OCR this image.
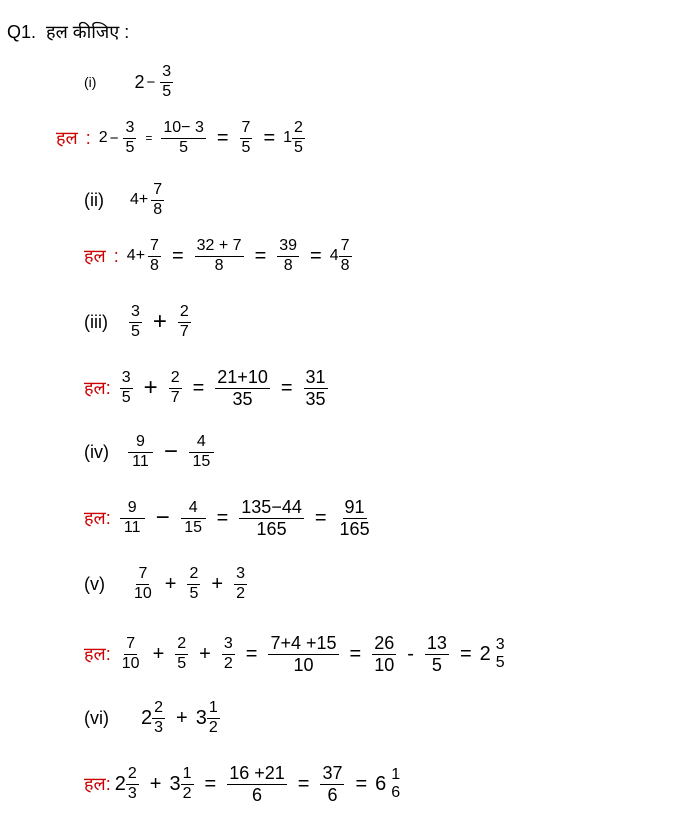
Q1. हल कीजिए :
(i) $2 - \frac{3}{5}$
हल : $2 - \frac{3}{5} = \frac{10- 3}{5} = \frac{7}{5} = 1 \frac{2}{5}$
(ii) $4 + \frac{7}{8}$
हल : $4 + \frac{7}{8} = \frac{32 + 7}{8} = \frac{39}{8} = 4 \frac{7}{8}$
$(iii) \frac{3}{5} + \frac{2}{7}$
हल: $\frac{3}{5} + \frac{2}{7} = \frac{21+10}{35} = \frac{31}{35}$
$(iv) \frac{9}{11} - \frac{4}{15}$
हल: $\frac{9}{11} - \frac{4}{15} = \frac{135-44}{165} = \frac{91}{165}$
$(v) \frac{7}{10} + \frac{2}{5} + \frac{3}{2}$
हल: $\frac{7}{10} + \frac{2}{5} + \frac{3}{2} = \frac{7+4 +15}{10} = \frac{26}{10} - \frac{13}{5} = 2$ 3
5
(vi) $2 \frac{2}{3} + 3 \frac{1}{2}$
हल: $2 \frac{2}{3} + 3 \frac{1}{2} = \frac{16 +21}{6} = \frac{37}{6} = 6$ 1
6
